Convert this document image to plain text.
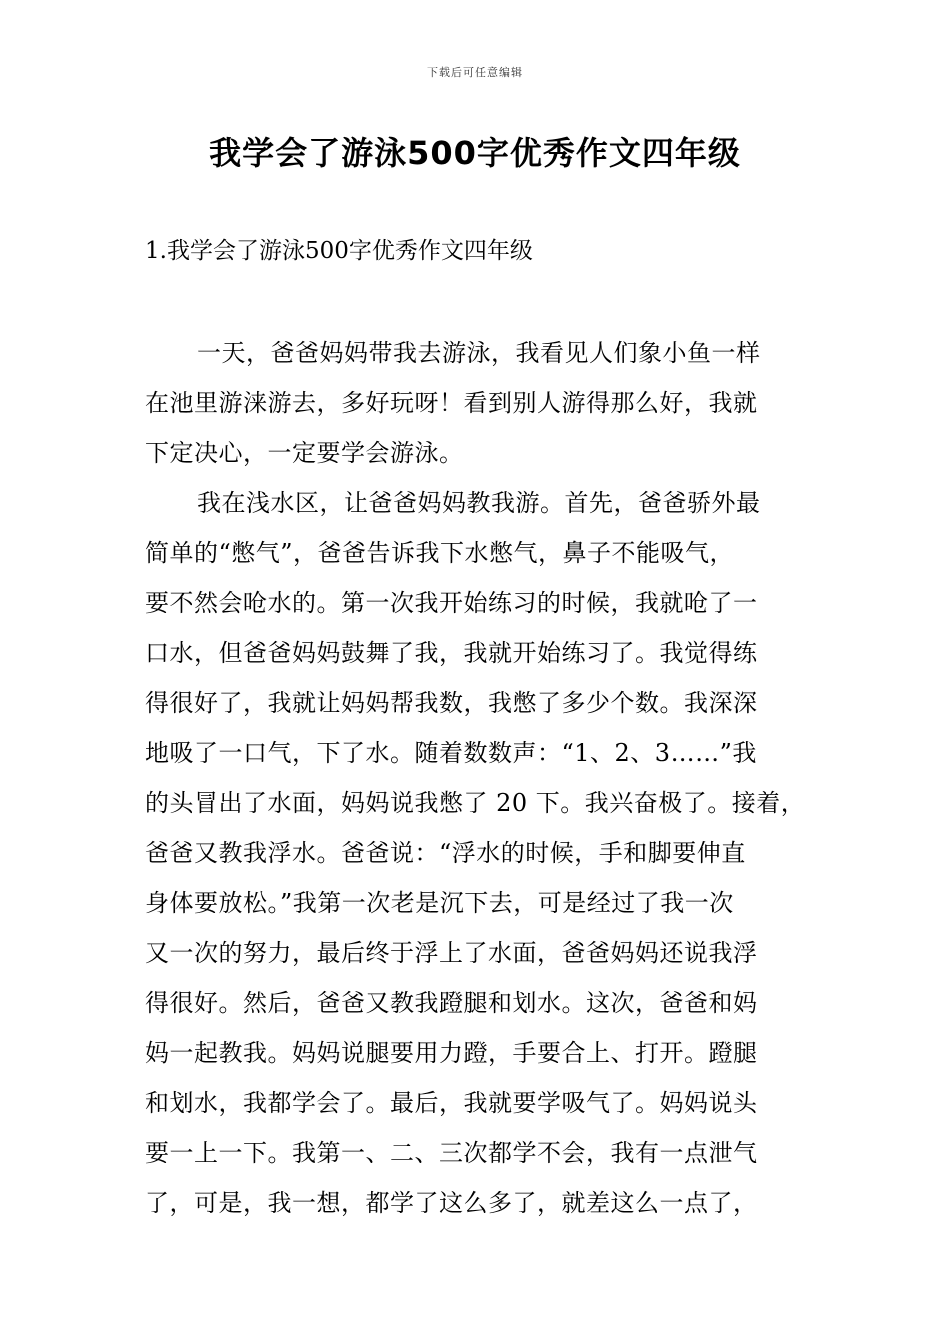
下载后可任意编辑
我学会了游泳500字优秀作文四年级
1.我学会了游泳500字优秀作文四年级
一天，爸爸妈妈带我去游泳，我看见人们象小鱼一样
在池里游涞游去，多好玩呀！看到别人游得那么好，我就
下定决心，一定要学会游泳。
我在浅水区，让爸爸妈妈教我游。首先，爸爸骄外最
简单的“憋气”，爸爸告诉我下水憋气，鼻子不能吸气，
要不然会呛水的。第一次我开始练习的时候，我就呛了一
口水，但爸爸妈妈鼓舞了我，我就开始练习了。我觉得练
得很好了，我就让妈妈帮我数，我憋了多少个数。我深深
地吸了一口气，下了水。随着数数声：“1、2、3……”我
的头冒出了水面，妈妈说我憋了 20 下。我兴奋极了。接着，
爸爸又教我浮水。爸爸说：“浮水的时候，手和脚要伸直
身体要放松。”我第一次老是沉下去，可是经过了我一次
又一次的努力，最后终于浮上了水面，爸爸妈妈还说我浮
得很好。然后，爸爸又教我蹬腿和划水。这次，爸爸和妈
妈一起教我。妈妈说腿要用力蹬，手要合上、打开。蹬腿
和划水，我都学会了。最后，我就要学吸气了。妈妈说头
要一上一下。我第一、二、三次都学不会，我有一点泄气
了，可是，我一想，都学了这么多了，就差这么一点了，
